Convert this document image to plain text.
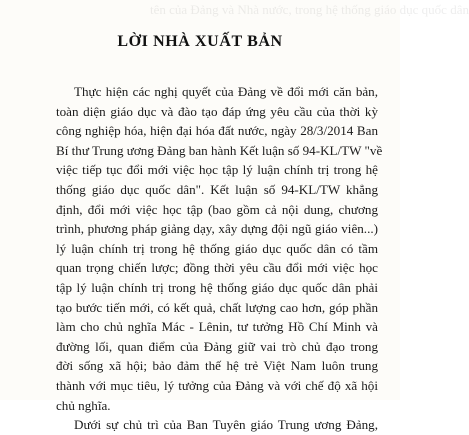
tên của Đảng và Nhà nước, trong hệ thống giáo dục quốc dân
LỜI NHÀ XUẤT BẢN
Thực hiện các nghị quyết của Đảng về đổi mới căn bản,
toàn diện giáo dục và đào tạo đáp ứng yêu cầu của thời kỳ
công nghiệp hóa, hiện đại hóa đất nước, ngày 28/3/2014 Ban
Bí thư Trung ương Đảng ban hành Kết luận số 94-KL/TW "về
việc tiếp tục đổi mới việc học tập lý luận chính trị trong hệ
thống giáo dục quốc dân". Kết luận số 94-KL/TW khẳng
định, đổi mới việc học tập (bao gồm cả nội dung, chương
trình, phương pháp giảng dạy, xây dựng đội ngũ giáo viên...)
lý luận chính trị trong hệ thống giáo dục quốc dân có tầm
quan trọng chiến lược; đồng thời yêu cầu đổi mới việc học
tập lý luận chính trị trong hệ thống giáo dục quốc dân phải
tạo bước tiến mới, có kết quả, chất lượng cao hơn, góp phần
làm cho chủ nghĩa Mác - Lênin, tư tưởng Hồ Chí Minh và
đường lối, quan điểm của Đảng giữ vai trò chủ đạo trong
đời sống xã hội; bảo đảm thế hệ trẻ Việt Nam luôn trung
thành với mục tiêu, lý tưởng của Đảng và với chế độ xã hội
chủ nghĩa.
Dưới sự chủ trì của Ban Tuyên giáo Trung ương Đảng,
